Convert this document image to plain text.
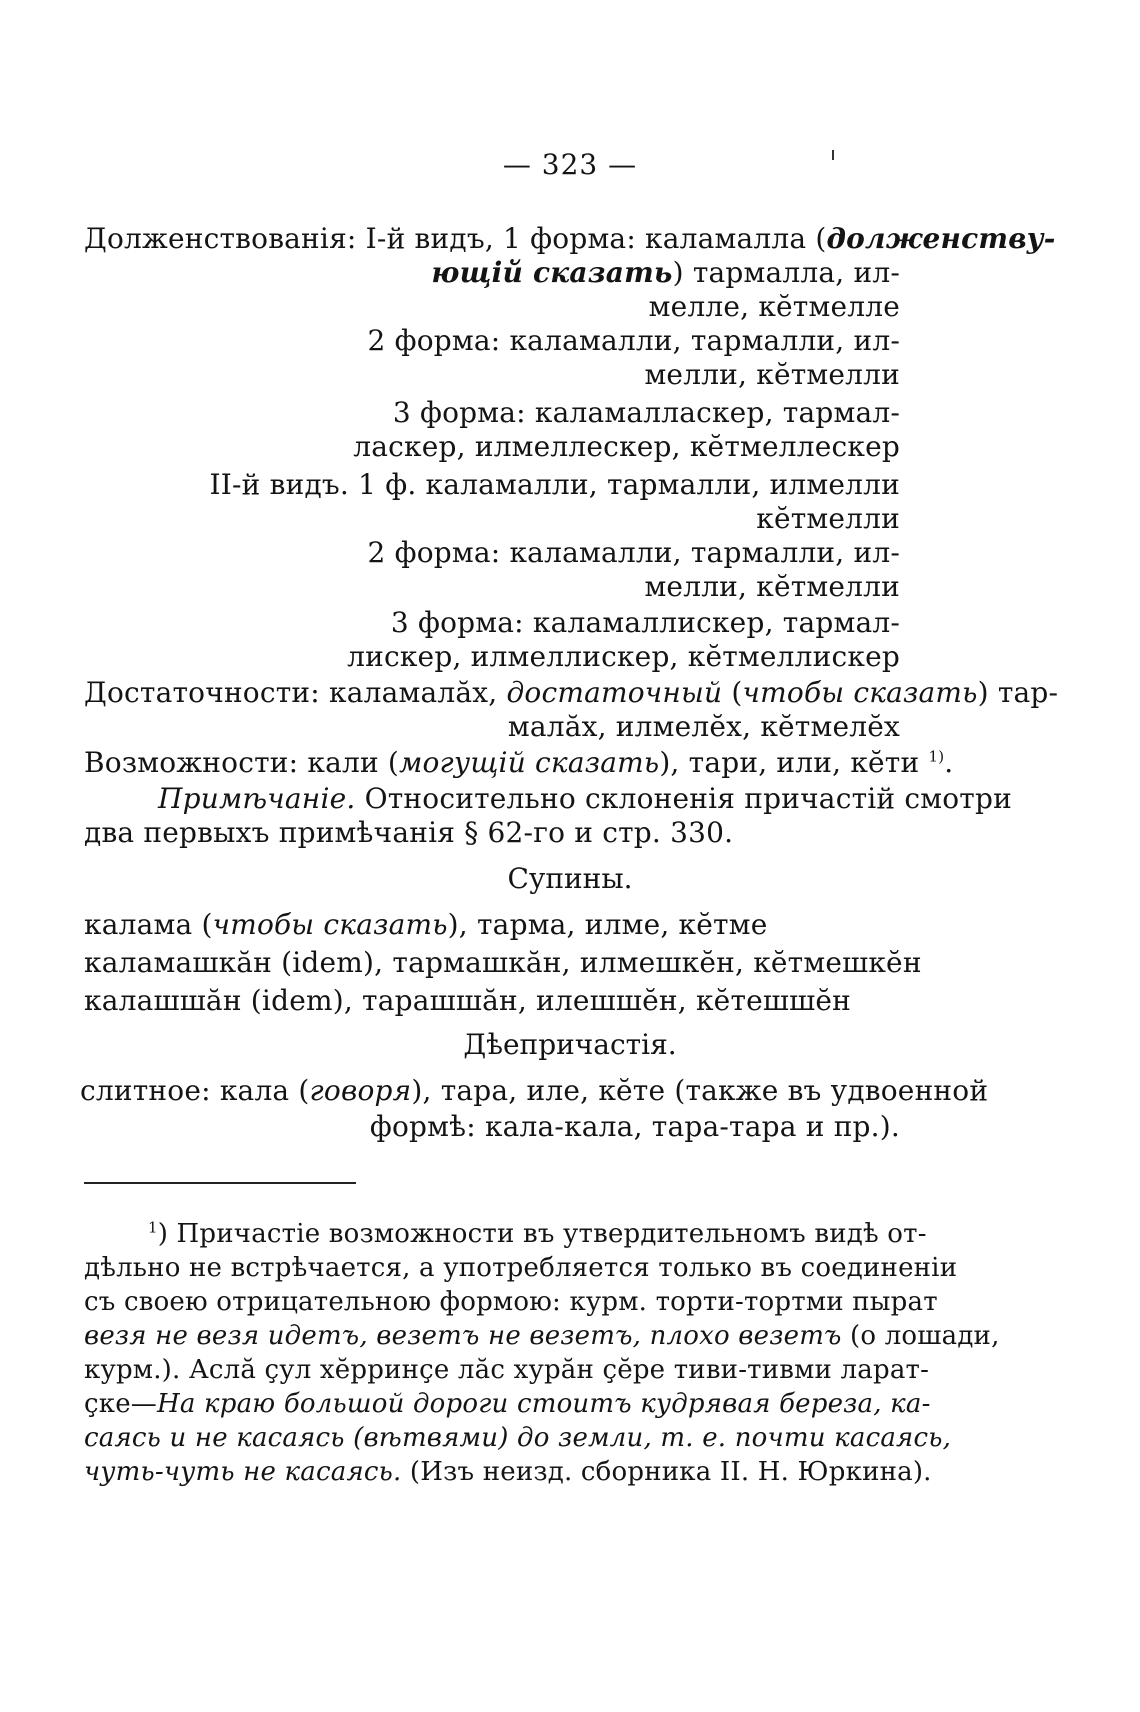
— 323 —
Долженствованія: I-й видъ, 1 форма: каламалла (долженству-
ющій сказать) тармалла, ил-
мелле, кĕтмелле
2 форма: каламалли, тармалли, ил-
мелли, кĕтмелли
3 форма: каламалласкер, тармал-
ласкер, илмеллескер, кĕтмеллескер
II-й видъ. 1 ф. каламалли, тармалли, илмелли
кĕтмелли
2 форма: каламалли, тармалли, ил-
мелли, кĕтмелли
3 форма: каламаллискер, тармал-
лискер, илмеллискер, кĕтмеллискер
Достаточности: каламалăх, достаточный (чтобы сказать) тар-
малăх, илмелĕх, кĕтмелĕх
Возможности: кали (могущій сказать), тари, или, кĕти $^{1)}$.
Примѣчаніе. Относительно склоненія причастій смотри
два первыхъ примѣчанія § 62-го и стр. 330.
Супины.
калама (чтобы сказать), тарма, илме, кĕтме
каламашкăн (idem), тармашкăн, илмешкĕн, кĕтмешкĕн
калашшăн (idem), тарашшăн, илешшĕн, кĕтешшĕн
Дѣепричастія.
слитное: кала (говоря), тара, иле, кĕте (также въ удвоенной
формѣ: кала-кала, тара-тара и пр.).
$^1$) Причастіе возможности въ утвердительномъ видѣ от-
дѣльно не встрѣчается, а употребляется только въ соединеніи
съ своею отрицательною формою: курм. торти-тортми пырат
везя не везя идетъ, везетъ не везетъ, плохо везетъ (о лошади,
курм.). Аслă çул хĕрринҫе лăс хурăн çĕре тиви-тивми ларат-
çке—На краю большой дороги стоитъ кудрявая береза, ка-
саясь и не касаясь (вѣтвями) до земли, т. е. почти касаясь,
чуть-чуть не касаясь. (Изъ неизд. сборника II. Н. Юркина).
